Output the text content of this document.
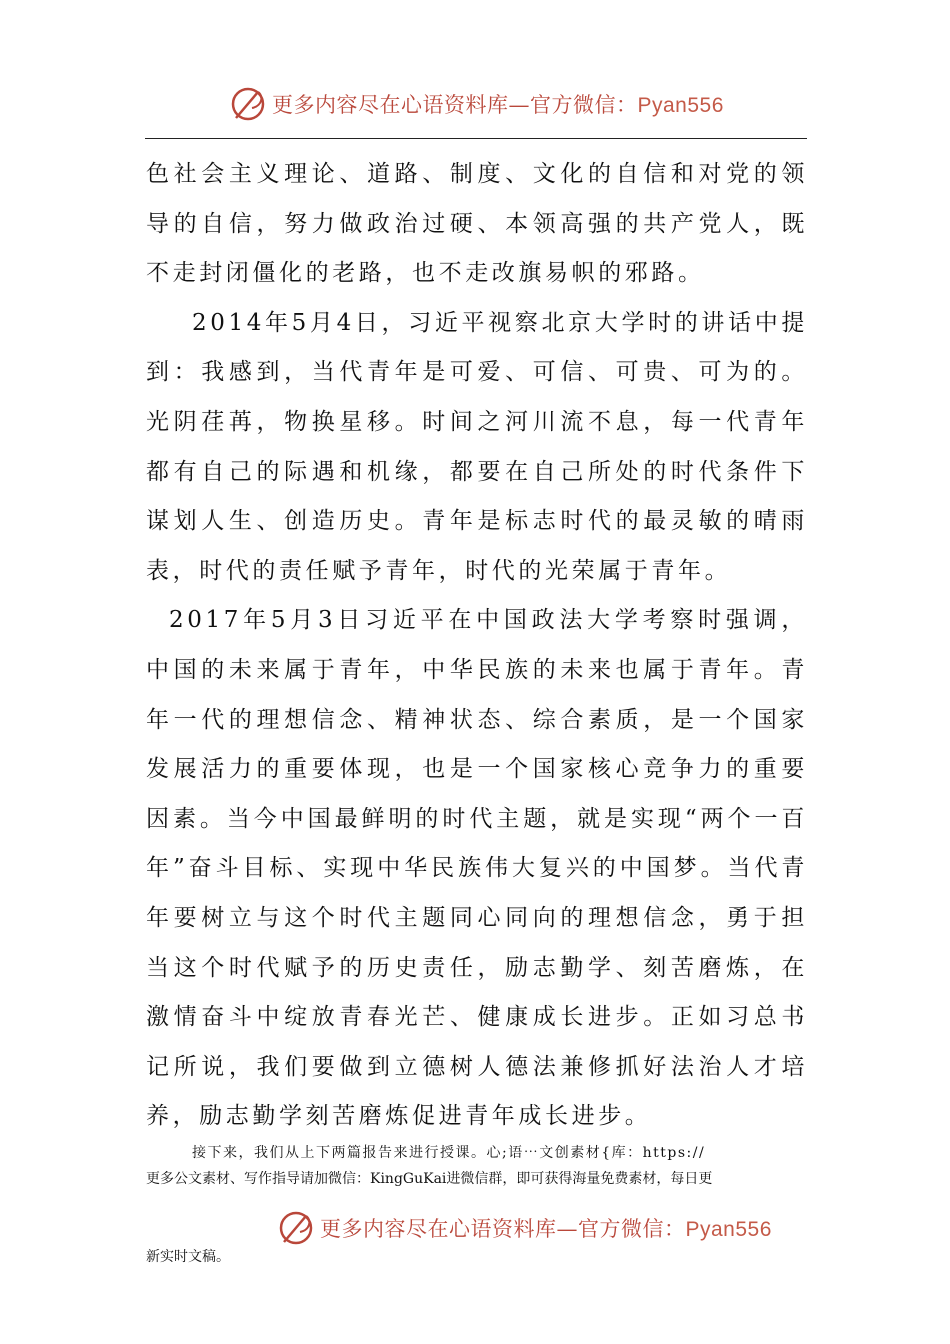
更多内容尽在心语资料库—官方微信：Pyan556

色社会主义理论、道路、制度、文化的自信和对党的领导的自信，努力做政治过硬、本领高强的共产党人，既不走封闭僵化的老路，也不走改旗易帜的邪路。

2014年5月4日，习近平视察北京大学时的讲话中提到：我感到，当代青年是可爱、可信、可贵、可为的。光阴荏苒，物换星移。时间之河川流不息，每一代青年都有自己的际遇和机缘，都要在自己所处的时代条件下谋划人生、创造历史。青年是标志时代的最灵敏的晴雨表，时代的责任赋予青年，时代的光荣属于青年。

2017年5月3日习近平在中国政法大学考察时强调，中国的未来属于青年，中华民族的未来也属于青年。青年一代的理想信念、精神状态、综合素质，是一个国家发展活力的重要体现，也是一个国家核心竞争力的重要因素。当今中国最鲜明的时代主题，就是实现“两个一百年”奋斗目标、实现中华民族伟大复兴的中国梦。当代青年要树立与这个时代主题同心同向的理想信念，勇于担当这个时代赋予的历史责任，励志勤学、刻苦磨炼，在激情奋斗中绽放青春光芒、健康成长进步。正如习总书记所说，我们要做到立德树人德法兼修抓好法治人才培养，励志勤学刻苦磨炼促进青年成长进步。

接下来，我们从上下两篇报告来进行授课。心;语⋯文创素材{库：https://
更多公文素材、写作指导请加微信：KingGuKai进微信群，即可获得海量免费素材，每日更
更多内容尽在心语资料库—官方微信：Pyan556
新实时文稿。
